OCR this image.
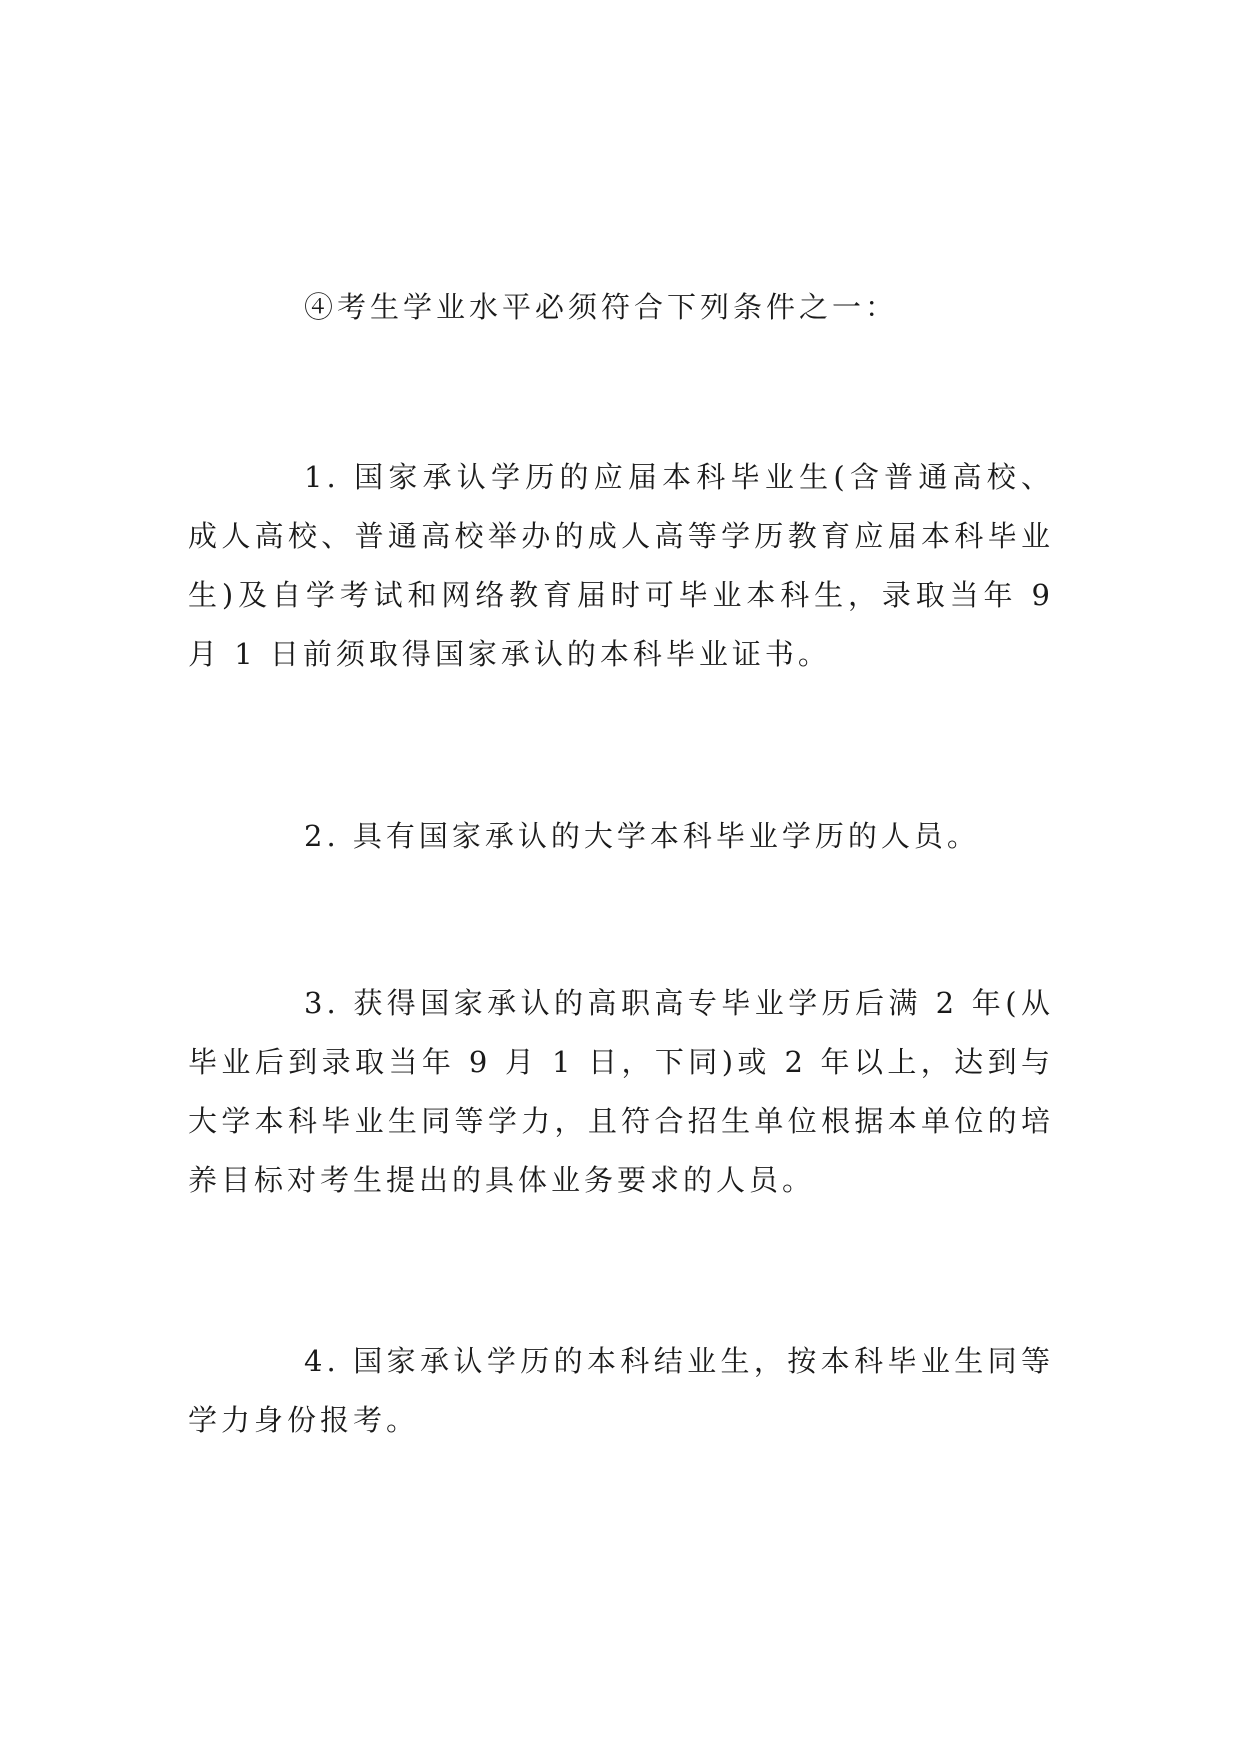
④考生学业水平必须符合下列条件之一：

1. 国家承认学历的应届本科毕业生(含普通高校、成人高校、普通高校举办的成人高等学历教育应届本科毕业生)及自学考试和网络教育届时可毕业本科生，录取当年 9 月 1 日前须取得国家承认的本科毕业证书。

2. 具有国家承认的大学本科毕业学历的人员。

3. 获得国家承认的高职高专毕业学历后满 2 年(从毕业后到录取当年 9 月 1 日，下同)或 2 年以上，达到与大学本科毕业生同等学力，且符合招生单位根据本单位的培养目标对考生提出的具体业务要求的人员。

4. 国家承认学历的本科结业生，按本科毕业生同等学力身份报考。
